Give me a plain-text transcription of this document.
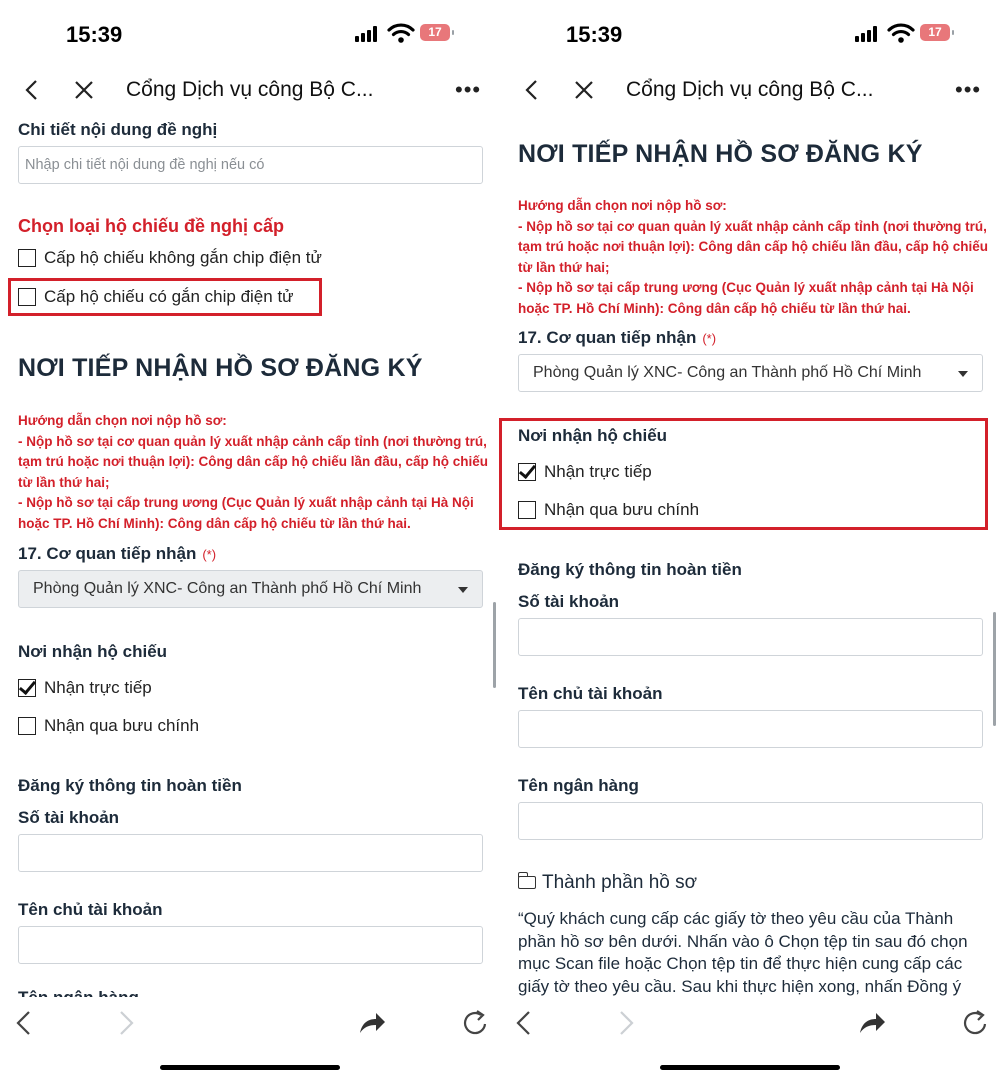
15:39	17
Cổng Dịch vụ công Bộ C...	•••
Chi tiết nội dung đề nghị
Nhập chi tiết nội dung đề nghị nếu có
Chọn loại hộ chiếu đề nghị cấp
Cấp hộ chiếu không gắn chip điện tử
Cấp hộ chiếu có gắn chip điện tử
NƠI TIẾP NHẬN HỒ SƠ ĐĂNG KÝ
Hướng dẫn chọn nơi nộp hồ sơ:
- Nộp hồ sơ tại cơ quan quản lý xuất nhập cảnh cấp tỉnh (nơi thường trú, tạm trú hoặc nơi thuận lợi): Công dân cấp hộ chiếu lần đầu, cấp hộ chiếu từ lần thứ hai;
- Nộp hồ sơ tại cấp trung ương (Cục Quản lý xuất nhập cảnh tại Hà Nội hoặc TP. Hồ Chí Minh): Công dân cấp hộ chiếu từ lần thứ hai.
17. Cơ quan tiếp nhận (*)
Phòng Quản lý XNC- Công an Thành phố Hồ Chí Minh
Nơi nhận hộ chiếu
Nhận trực tiếp
Nhận qua bưu chính
Đăng ký thông tin hoàn tiền
Số tài khoản
Tên chủ tài khoản
15:39	17
Cổng Dịch vụ công Bộ C...	•••
NƠI TIẾP NHẬN HỒ SƠ ĐĂNG KÝ
Hướng dẫn chọn nơi nộp hồ sơ:
- Nộp hồ sơ tại cơ quan quản lý xuất nhập cảnh cấp tỉnh (nơi thường trú, tạm trú hoặc nơi thuận lợi): Công dân cấp hộ chiếu lần đầu, cấp hộ chiếu từ lần thứ hai;
- Nộp hồ sơ tại cấp trung ương (Cục Quản lý xuất nhập cảnh tại Hà Nội hoặc TP. Hồ Chí Minh): Công dân cấp hộ chiếu từ lần thứ hai.
17. Cơ quan tiếp nhận (*)
Phòng Quản lý XNC- Công an Thành phố Hồ Chí Minh
Nơi nhận hộ chiếu
Nhận trực tiếp
Nhận qua bưu chính
Đăng ký thông tin hoàn tiền
Số tài khoản
Tên chủ tài khoản
Tên ngân hàng
Thành phần hồ sơ
“Quý khách cung cấp các giấy tờ theo yêu cầu của Thành phần hồ sơ bên dưới. Nhấn vào ô Chọn tệp tin sau đó chọn mục Scan file hoặc Chọn tệp tin để thực hiện cung cấp các giấy tờ theo yêu cầu. Sau khi thực hiện xong, nhấn Đồng ý
